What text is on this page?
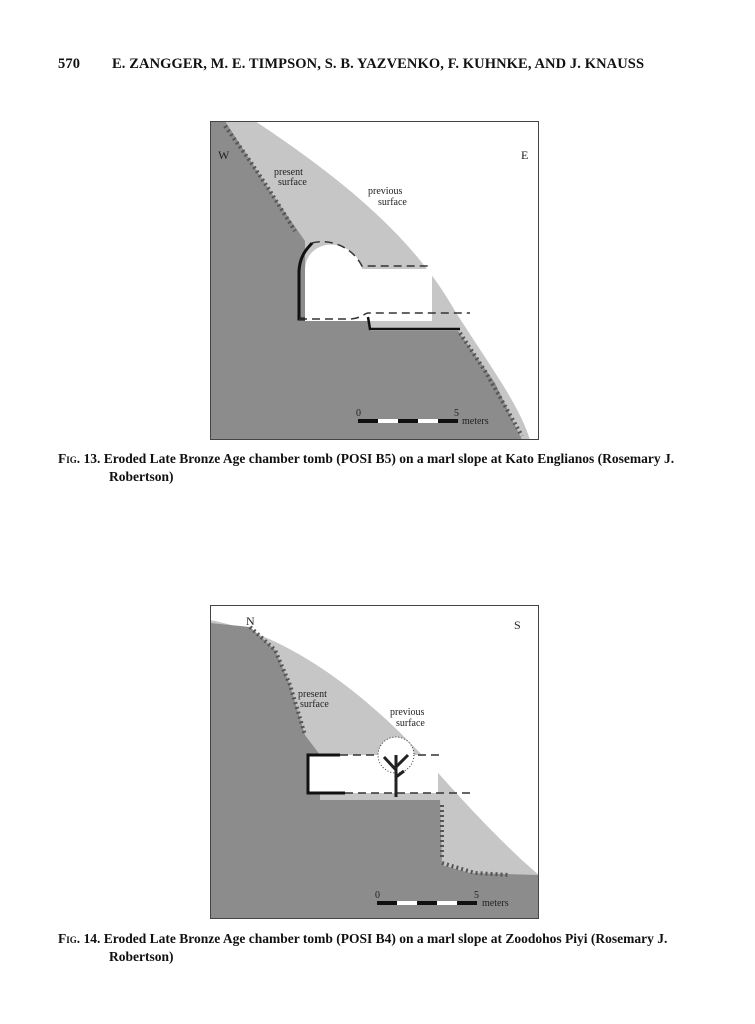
570 E. ZANGGER, M. E. TIMPSON, S. B. YAZVENKO, F. KUHNKE, AND J. KNAUSS
W	E
present
surface
previous
surface
0	5
meters
Fig. 13. Eroded Late Bronze Age chamber tomb (POSI B5) on a marl slope at Kato Englianos (Rosemary J.
Robertson)
N	S
present
surface
previous
surface
0	5
meters
Fig. 14. Eroded Late Bronze Age chamber tomb (POSI B4) on a marl slope at Zoodohos Piyi (Rosemary J.
Robertson)
